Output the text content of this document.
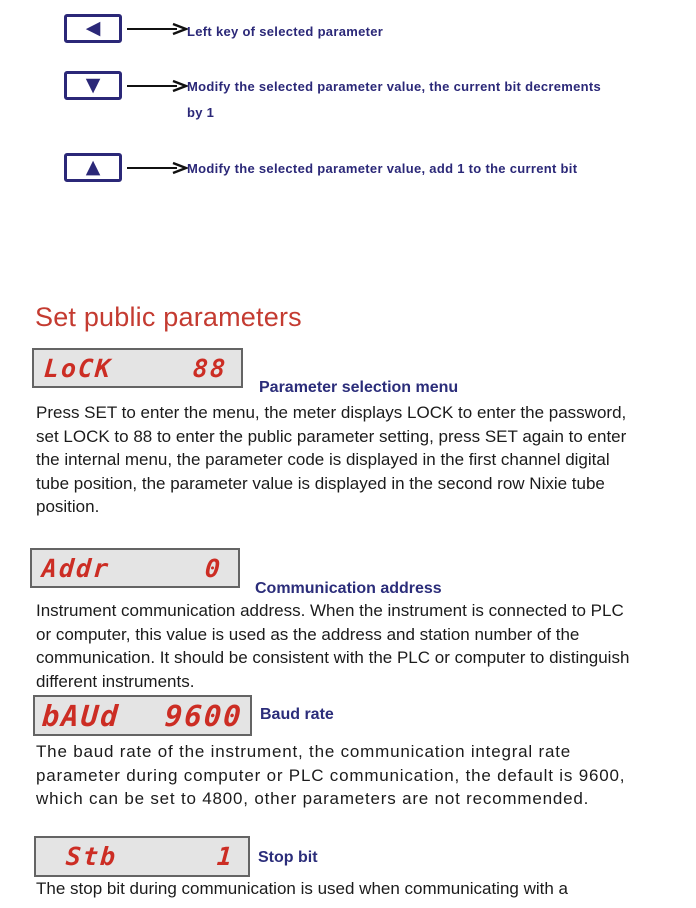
◀	Left key of selected parameter
▼	Modify the selected parameter value, the current bit decrements
by 1
▲	Modify the selected parameter value, add 1 to the current bit
Set public parameters
LoCK	88
Parameter selection menu
Press SET to enter the menu, the meter displays LOCK to enter the password, set LOCK to 88 to enter the public parameter setting, press SET again to enter the internal menu, the parameter code is displayed in the first channel digital tube position, the parameter value is displayed in the second row Nixie tube position.
Addr	0
Communication address
Instrument communication address. When the instrument is connected to PLC or computer, this value is used as the address and station number of the communication. It should be consistent with the PLC or computer to distinguish different instruments.
bAUd 9600 Baud rate
The baud rate of the instrument, the communication integral rate parameter during computer or PLC communication, the default is 9600, which can be set to 4800, other parameters are not recommended.
Stb	1 Stop bit
The stop bit during communication is used when communicating with a
